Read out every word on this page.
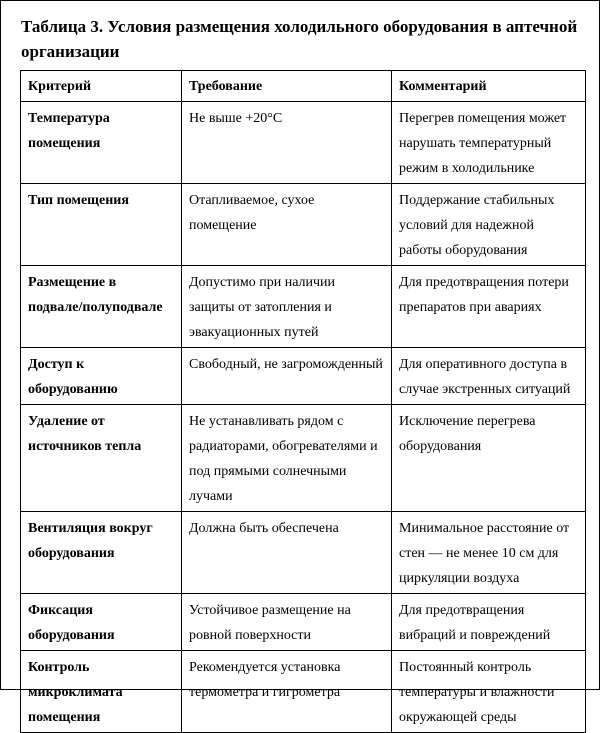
Таблица 3. Условия размещения холодильного оборудования в аптечной организации
Критерий	Требование	Комментарий
Температура помещения	Не выше +20°C	Перегрев помещения может нарушать температурный режим в холодильнике
Тип помещения	Отапливаемое, сухое помещение	Поддержание стабильных условий для надежной работы оборудования
Размещение в подвале/полуподвале	Допустимо при наличии защиты от затопления и эвакуационных путей	Для предотвращения потери препаратов при авариях
Доступ к оборудованию	Свободный, не загроможденный	Для оперативного доступа в случае экстренных ситуаций
Удаление от источников тепла	Не устанавливать рядом с радиаторами, обогревателями и под прямыми солнечными лучами	Исключение перегрева оборудования
Вентиляция вокруг оборудования	Должна быть обеспечена	Минимальное расстояние от стен — не менее 10 см для циркуляции воздуха
Фиксация оборудования	Устойчивое размещение на ровной поверхности	Для предотвращения вибраций и повреждений
Контроль микроклимата помещения	Рекомендуется установка термометра и гигрометра	Постоянный контроль температуры и влажности окружающей среды
